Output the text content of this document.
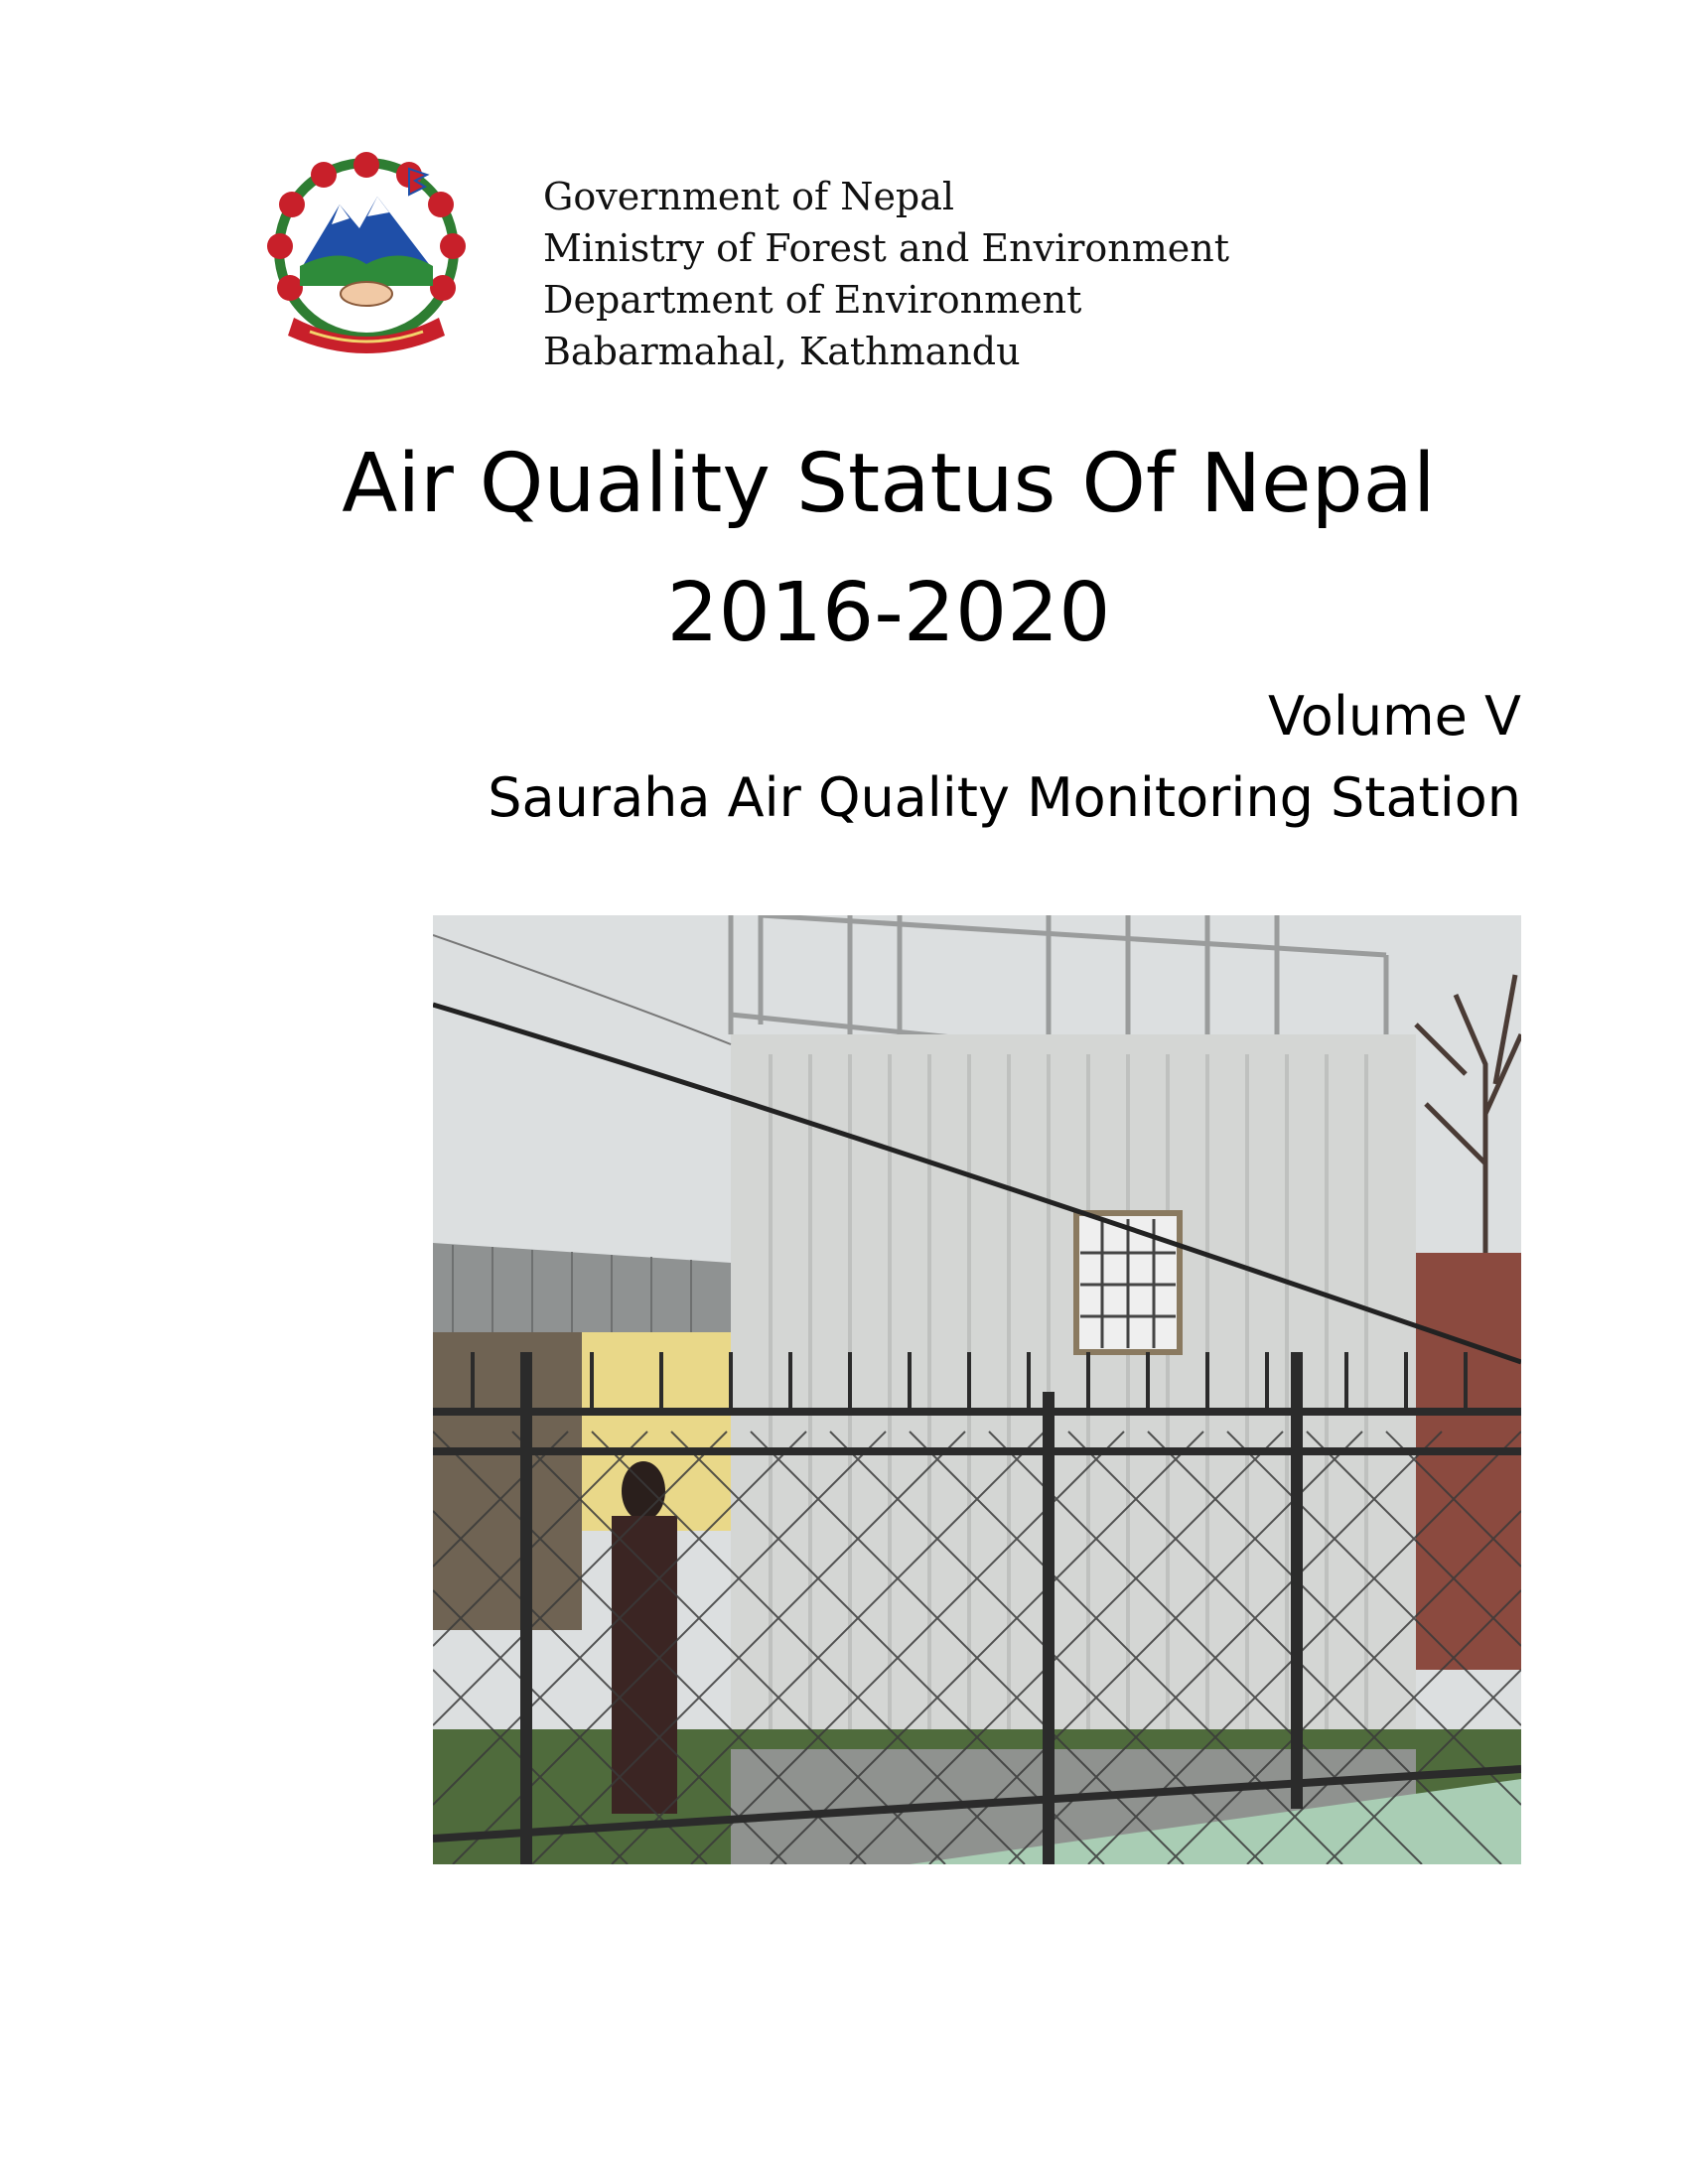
Government of Nepal
Ministry of Forest and Environment
Department of Environment
Babarmahal, Kathmandu
Air Quality Status Of Nepal
2016-2020
Volume V
Sauraha Air Quality Monitoring Station
